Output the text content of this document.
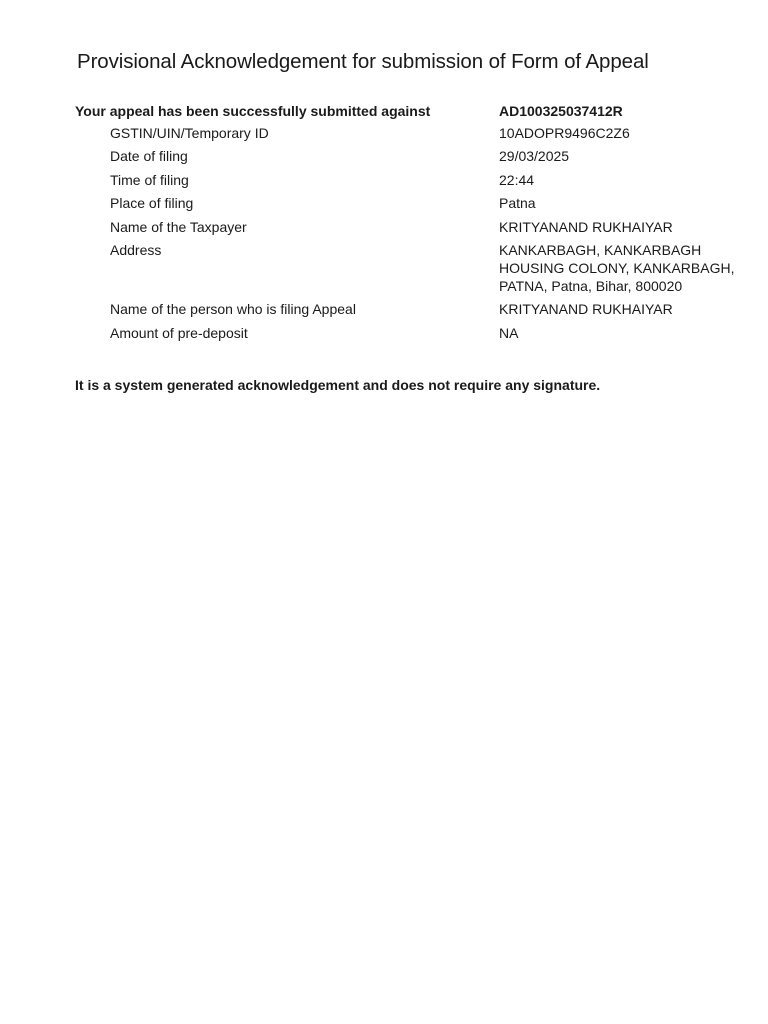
Provisional Acknowledgement for submission of Form of Appeal
Your appeal has been successfully submitted against	AD100325037412R
GSTIN/UIN/Temporary ID	10ADOPR9496C2Z6
Date of filing	29/03/2025
Time of filing	22:44
Place of filing	Patna
Name of the Taxpayer	KRITYANAND RUKHAIYAR
Address	KANKARBAGH, KANKARBAGH HOUSING COLONY, KANKARBAGH, PATNA, Patna, Bihar, 800020
Name of the person who is filing Appeal	KRITYANAND RUKHAIYAR
Amount of pre-deposit	NA

It is a system generated acknowledgement and does not require any signature.
